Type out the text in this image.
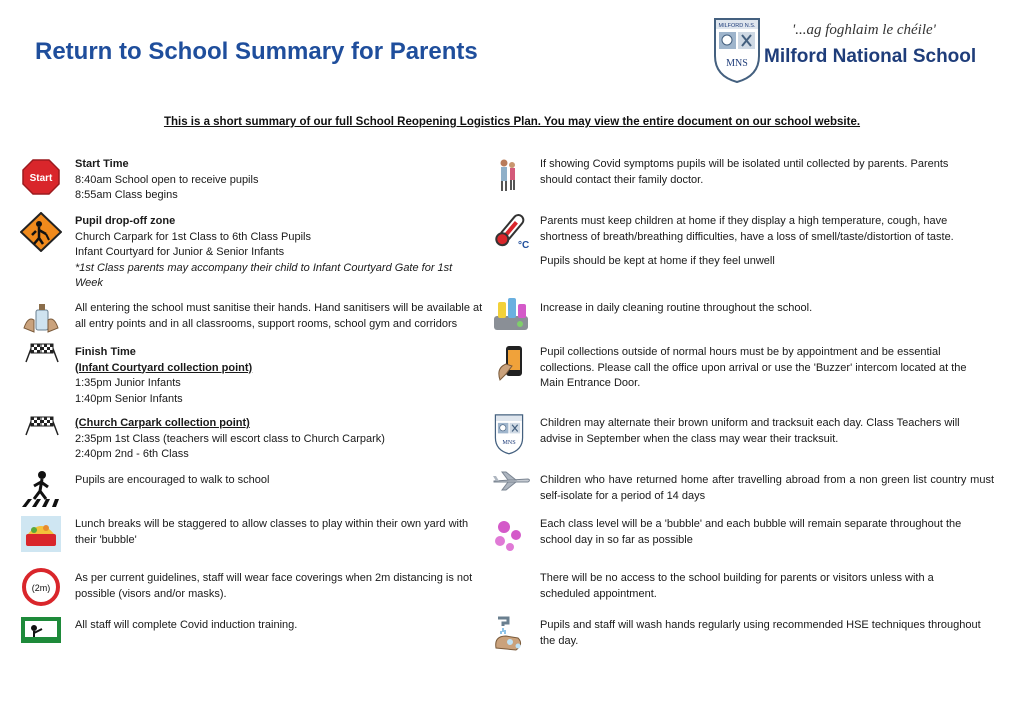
Return to School Summary for Parents
MILFORD N.S.
MNS
'...ag foghlaim le chéile'
Milford National School
This is a short summary of our full School Reopening Logistics Plan. You may view the entire document on our school website.
Start

Start Time

8:40am School open to receive pupils

8:55am Class begins

Pupil drop-off zone

Church Carpark for 1st Class to 6th Class Pupils

Infant Courtyard for Junior & Senior Infants

*1st Class parents may accompany their child to Infant Courtyard Gate for 1st Week

All entering the school must sanitise their hands. Hand sanitisers will be available at all entry points and in all classrooms, support rooms, school gym and corridors

Finish Time

(Infant Courtyard collection point)

1:35pm Junior Infants

1:40pm Senior Infants

(Church Carpark collection point)

2:35pm 1st Class (teachers will escort class to Church Carpark)

2:40pm 2nd - 6th Class

Pupils are encouraged to walk to school

Lunch breaks will be staggered to allow classes to play within their own yard with their 'bubble'

(2m)

As per current guidelines, staff will wear face coverings when 2m distancing is not possible (visors and/or masks).

All staff will complete Covid induction training.

If showing Covid symptoms pupils will be isolated until collected by parents. Parents should contact their family doctor.

°C

Parents must keep children at home if they display a high temperature, cough, have shortness of breath/breathing difficulties, have a loss of smell/taste/distortion of taste.

Pupils should be kept at home if they feel unwell

Increase in daily cleaning routine throughout the school.

Pupil collections outside of normal hours must be by appointment and be essential collections. Please call the office upon arrival or use the 'Buzzer' intercom located at the Main Entrance Door.

MNS

Children may alternate their brown uniform and tracksuit each day. Class Teachers will advise in September when the class may wear their tracksuit.

Children who have returned home after travelling abroad from a non green list country must self-isolate for a period of 14 days

Each class level will be a 'bubble' and each bubble will remain separate throughout the school day in so far as possible

There will be no access to the school building for parents or visitors unless with a scheduled appointment.

Pupils and staff will wash hands regularly using recommended HSE techniques throughout the day.
